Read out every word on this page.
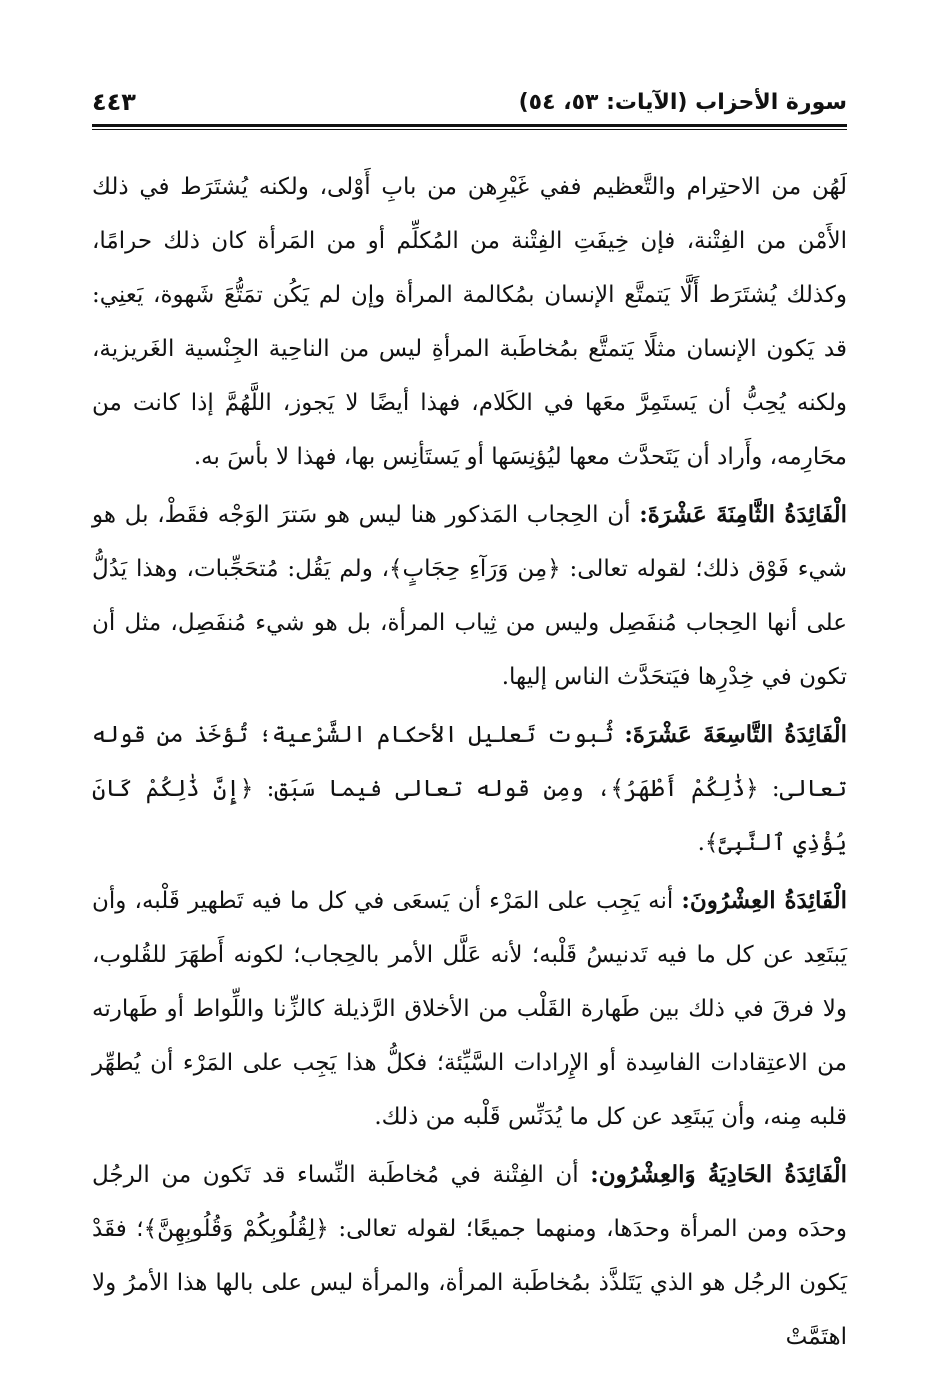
سورة الأحزاب (الآيات: ٥٣، ٥٤)
٤٤٣

لَهُن من الاحتِرام والتَّعظيم ففي غَيْرِهن من بابِ أَوْلى، ولكنه يُشتَرَط في ذلك الأَمْن من الفِتْنة، فإن خِيفَتِ الفِتْنة من المُكلِّم أو من المَرأة كان ذلك حرامًا، وكذلك يُشتَرَط أَلَّا يَتمتَّع الإنسان بمُكالمة المرأة وإن لم يَكُن تمَتُّعَ شَهوة، يَعنِي: قد يَكون الإنسان مثلًا يَتمتَّع بمُخاطَبة المرأةِ ليس من الناحِية الجِنْسية الغَريزية، ولكنه يُحِبُّ أن يَستَمِرَّ معَها في الكَلام، فهذا أيضًا لا يَجوز، اللَّهُمَّ إذا كانت من محَارِمه، وأَراد أن يَتَحدَّث معها ليُؤنِسَها أو يَستَأنِس بها، فهذا لا بأسَ به.

الْفَائِدَةُ الثَّامِنَةَ عَشْرَةَ: أن الحِجاب المَذكور هنا ليس هو سَترَ الوَجْه فقَطْ، بل هو شيء فَوْق ذلك؛ لقوله تعالى: ﴿مِن وَرَآءِ حِجَابٍ﴾، ولم يَقُل: مُتحَجِّبات، وهذا يَدُلُّ على أنها الحِجاب مُنفَصِل وليس من ثِياب المرأة، بل هو شيء مُنفَصِل، مثل أن تكون في خِدْرِها فيَتحَدَّث الناس إليها.

الْفَائِدَةُ التَّاسِعَةَ عَشْرَةَ: ثُبوت تَعليل الأحكام الشَّرْعية؛ تُؤخَذ من قوله تعالى: ﴿ذَٰلِكُمْ أَطْهَرُ﴾، ومِن قوله تعالى فيما سَبَق: ﴿إِنَّ ذَٰلِكُمْ كَانَ يُؤْذِي ٱلنَّبِىَّ﴾.

الْفَائِدَةُ العِشْرُونَ: أنه يَجِب على المَرْء أن يَسعَى في كل ما فيه تَطهير قَلْبه، وأن يَبتَعِد عن كل ما فيه تَدنيسُ قَلْبه؛ لأنه عَلَّل الأمر بالحِجاب؛ لكونه أَطهَرَ للقُلوب، ولا فرقَ في ذلك بين طَهارة القَلْب من الأخلاق الرَّذيلة كالزِّنا واللِّواط أو طَهارته من الاعتِقادات الفاسِدة أو الإِرادات السَّيِّئة؛ فكلُّ هذا يَجِب على المَرْء أن يُطهِّر قلبه مِنه، وأن يَبتَعِد عن كل ما يُدَنِّس قَلْبه من ذلك.

الْفَائِدَةُ الحَادِيَةُ وَالعِشْرُون: أن الفِتْنة في مُخاطَبة النِّساء قد تَكون من الرجُل وحدَه ومن المرأة وحدَها، ومنهما جميعًا؛ لقوله تعالى: ﴿لِقُلُوبِكُمْ وَقُلُوبِهِنَّ﴾؛ فقَدْ يَكون الرجُل هو الذي يَتَلذَّذ بمُخاطَبة المرأة، والمرأة ليس على بالها هذا الأمرُ ولا اهتَمَّتْ
